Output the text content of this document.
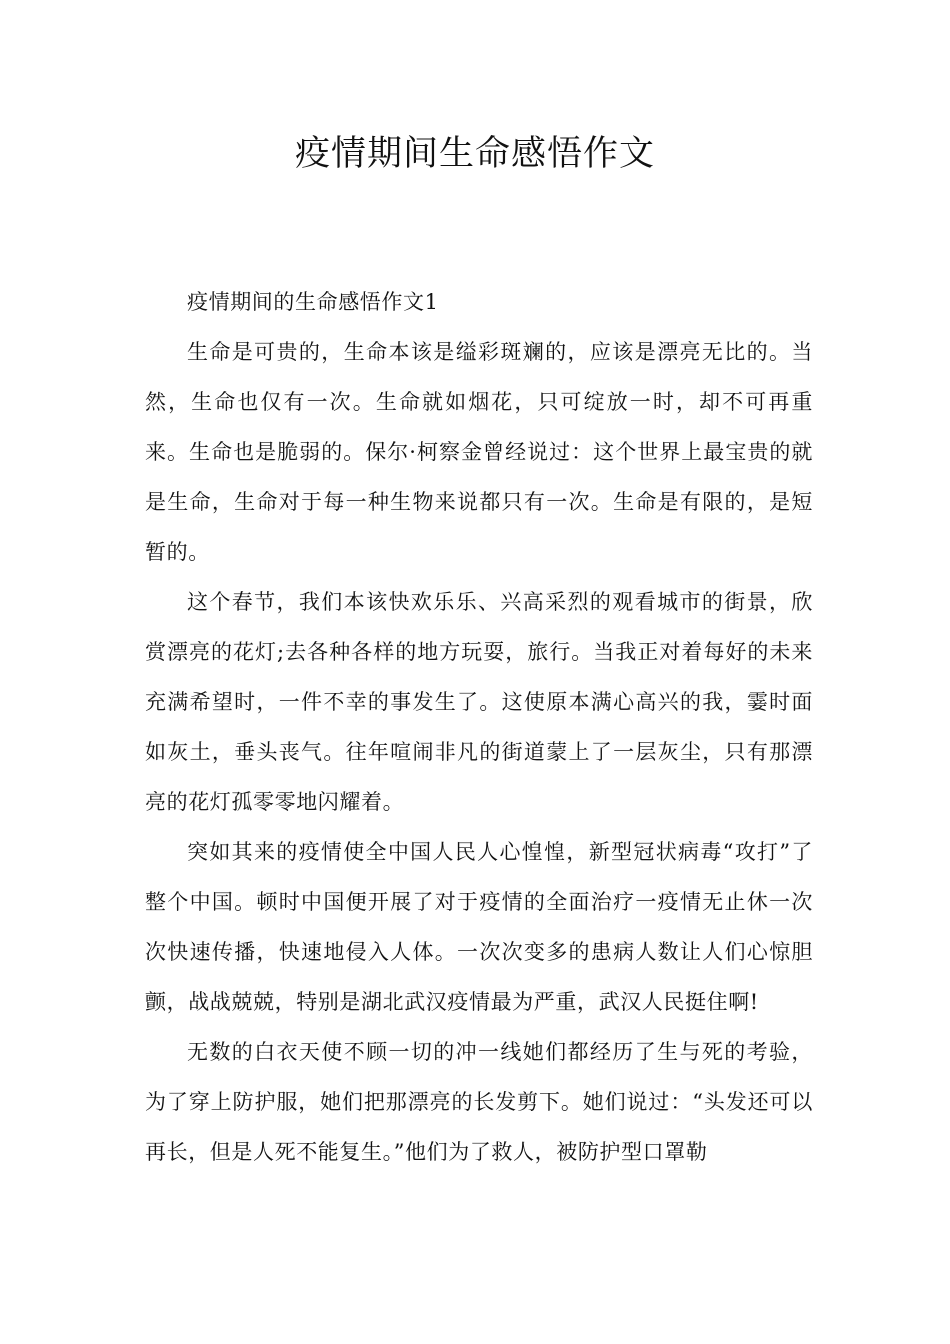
疫情期间生命感悟作文

疫情期间的生命感悟作文1

生命是可贵的，生命本该是缢彩斑斓的，应该是漂亮无比的。当然，生命也仅有一次。生命就如烟花，只可绽放一时，却不可再重来。生命也是脆弱的。保尔·柯察金曾经说过：这个世界上最宝贵的就是生命，生命对于每一种生物来说都只有一次。生命是有限的，是短暂的。

这个春节，我们本该快欢乐乐、兴高采烈的观看城市的街景，欣赏漂亮的花灯;去各种各样的地方玩耍，旅行。当我正对着每好的未来充满希望时，一件不幸的事发生了。这使原本满心高兴的我，霎时面如灰土，垂头丧气。往年喧闹非凡的街道蒙上了一层灰尘，只有那漂亮的花灯孤零零地闪耀着。

突如其来的疫情使全中国人民人心惶惶，新型冠状病毒“攻打”了整个中国。顿时中国便开展了对于疫情的全面治疗一疫情无止休一次次快速传播，快速地侵入人体。一次次变多的患病人数让人们心惊胆颤，战战兢兢，特别是湖北武汉疫情最为严重，武汉人民挺住啊!

无数的白衣天使不顾一切的冲一线她们都经历了生与死的考验，为了穿上防护服，她们把那漂亮的长发剪下。她们说过：“头发还可以再长，但是人死不能复生。”他们为了救人，被防护型口罩勒
